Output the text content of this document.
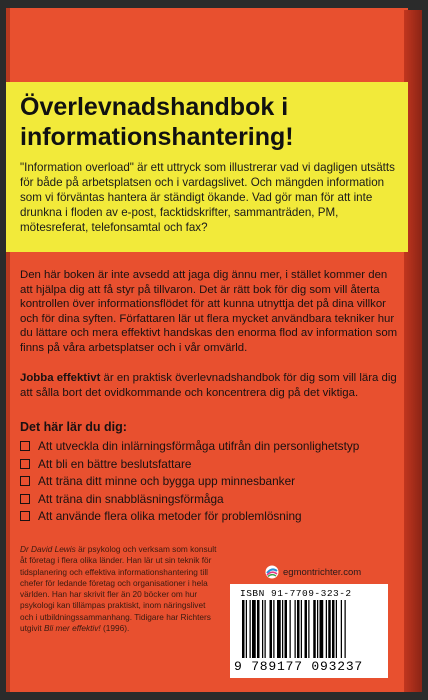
Överlevnadshandbok i informationshantering!

"Information overload" är ett uttryck som illustrerar vad vi dagligen utsätts för både på arbetsplatsen och i vardagslivet. Och mängden information som vi förväntas hantera är ständigt ökande. Vad gör man för att inte drunkna i floden av e-post, facktidskrifter, sammanträden, PM, mötesreferat, telefonsamtal och fax?

Den här boken är inte avsedd att jaga dig ännu mer, i stället kommer den att hjälpa dig att få styr på tillvaron. Det är rätt bok för dig som vill återta kontrollen över informationsflödet för att kunna utnyttja det på dina villkor och för dina syften. Författaren lär ut flera mycket användbara tekniker hur du lättare och mera effektivt handskas den enorma flod av information som finns på våra arbetsplatser och i vår omvärld.

Jobba effektivt är en praktisk överlevnadshandbok för dig som vill lära dig att sålla bort det ovidkommande och koncentrera dig på det viktiga.

Det här lär du dig:

Att utveckla din inlärningsförmåga utifrån din personlighetstyp
Att bli en bättre beslutsfattare
Att träna ditt minne och bygga upp minnesbanker
Att träna din snabbläsningsförmåga
Att använde flera olika metoder för problemlösning

Dr David Lewis är psykolog och verksam som konsult åt företag i flera olika länder. Han lär ut sin teknik för tidsplanering och effektiva informationshantering till chefer för ledande företag och organisationer i hela världen. Han har skrivit fler än 20 böcker om hur psykologi kan tillämpas praktiskt, inom näringslivet och i utbildningssammanhang. Tidigare har Richters utgivit Bli mer effektiv! (1996).

egmontrichter.com
ISBN 91-7709-323-2
9 789177 093237
